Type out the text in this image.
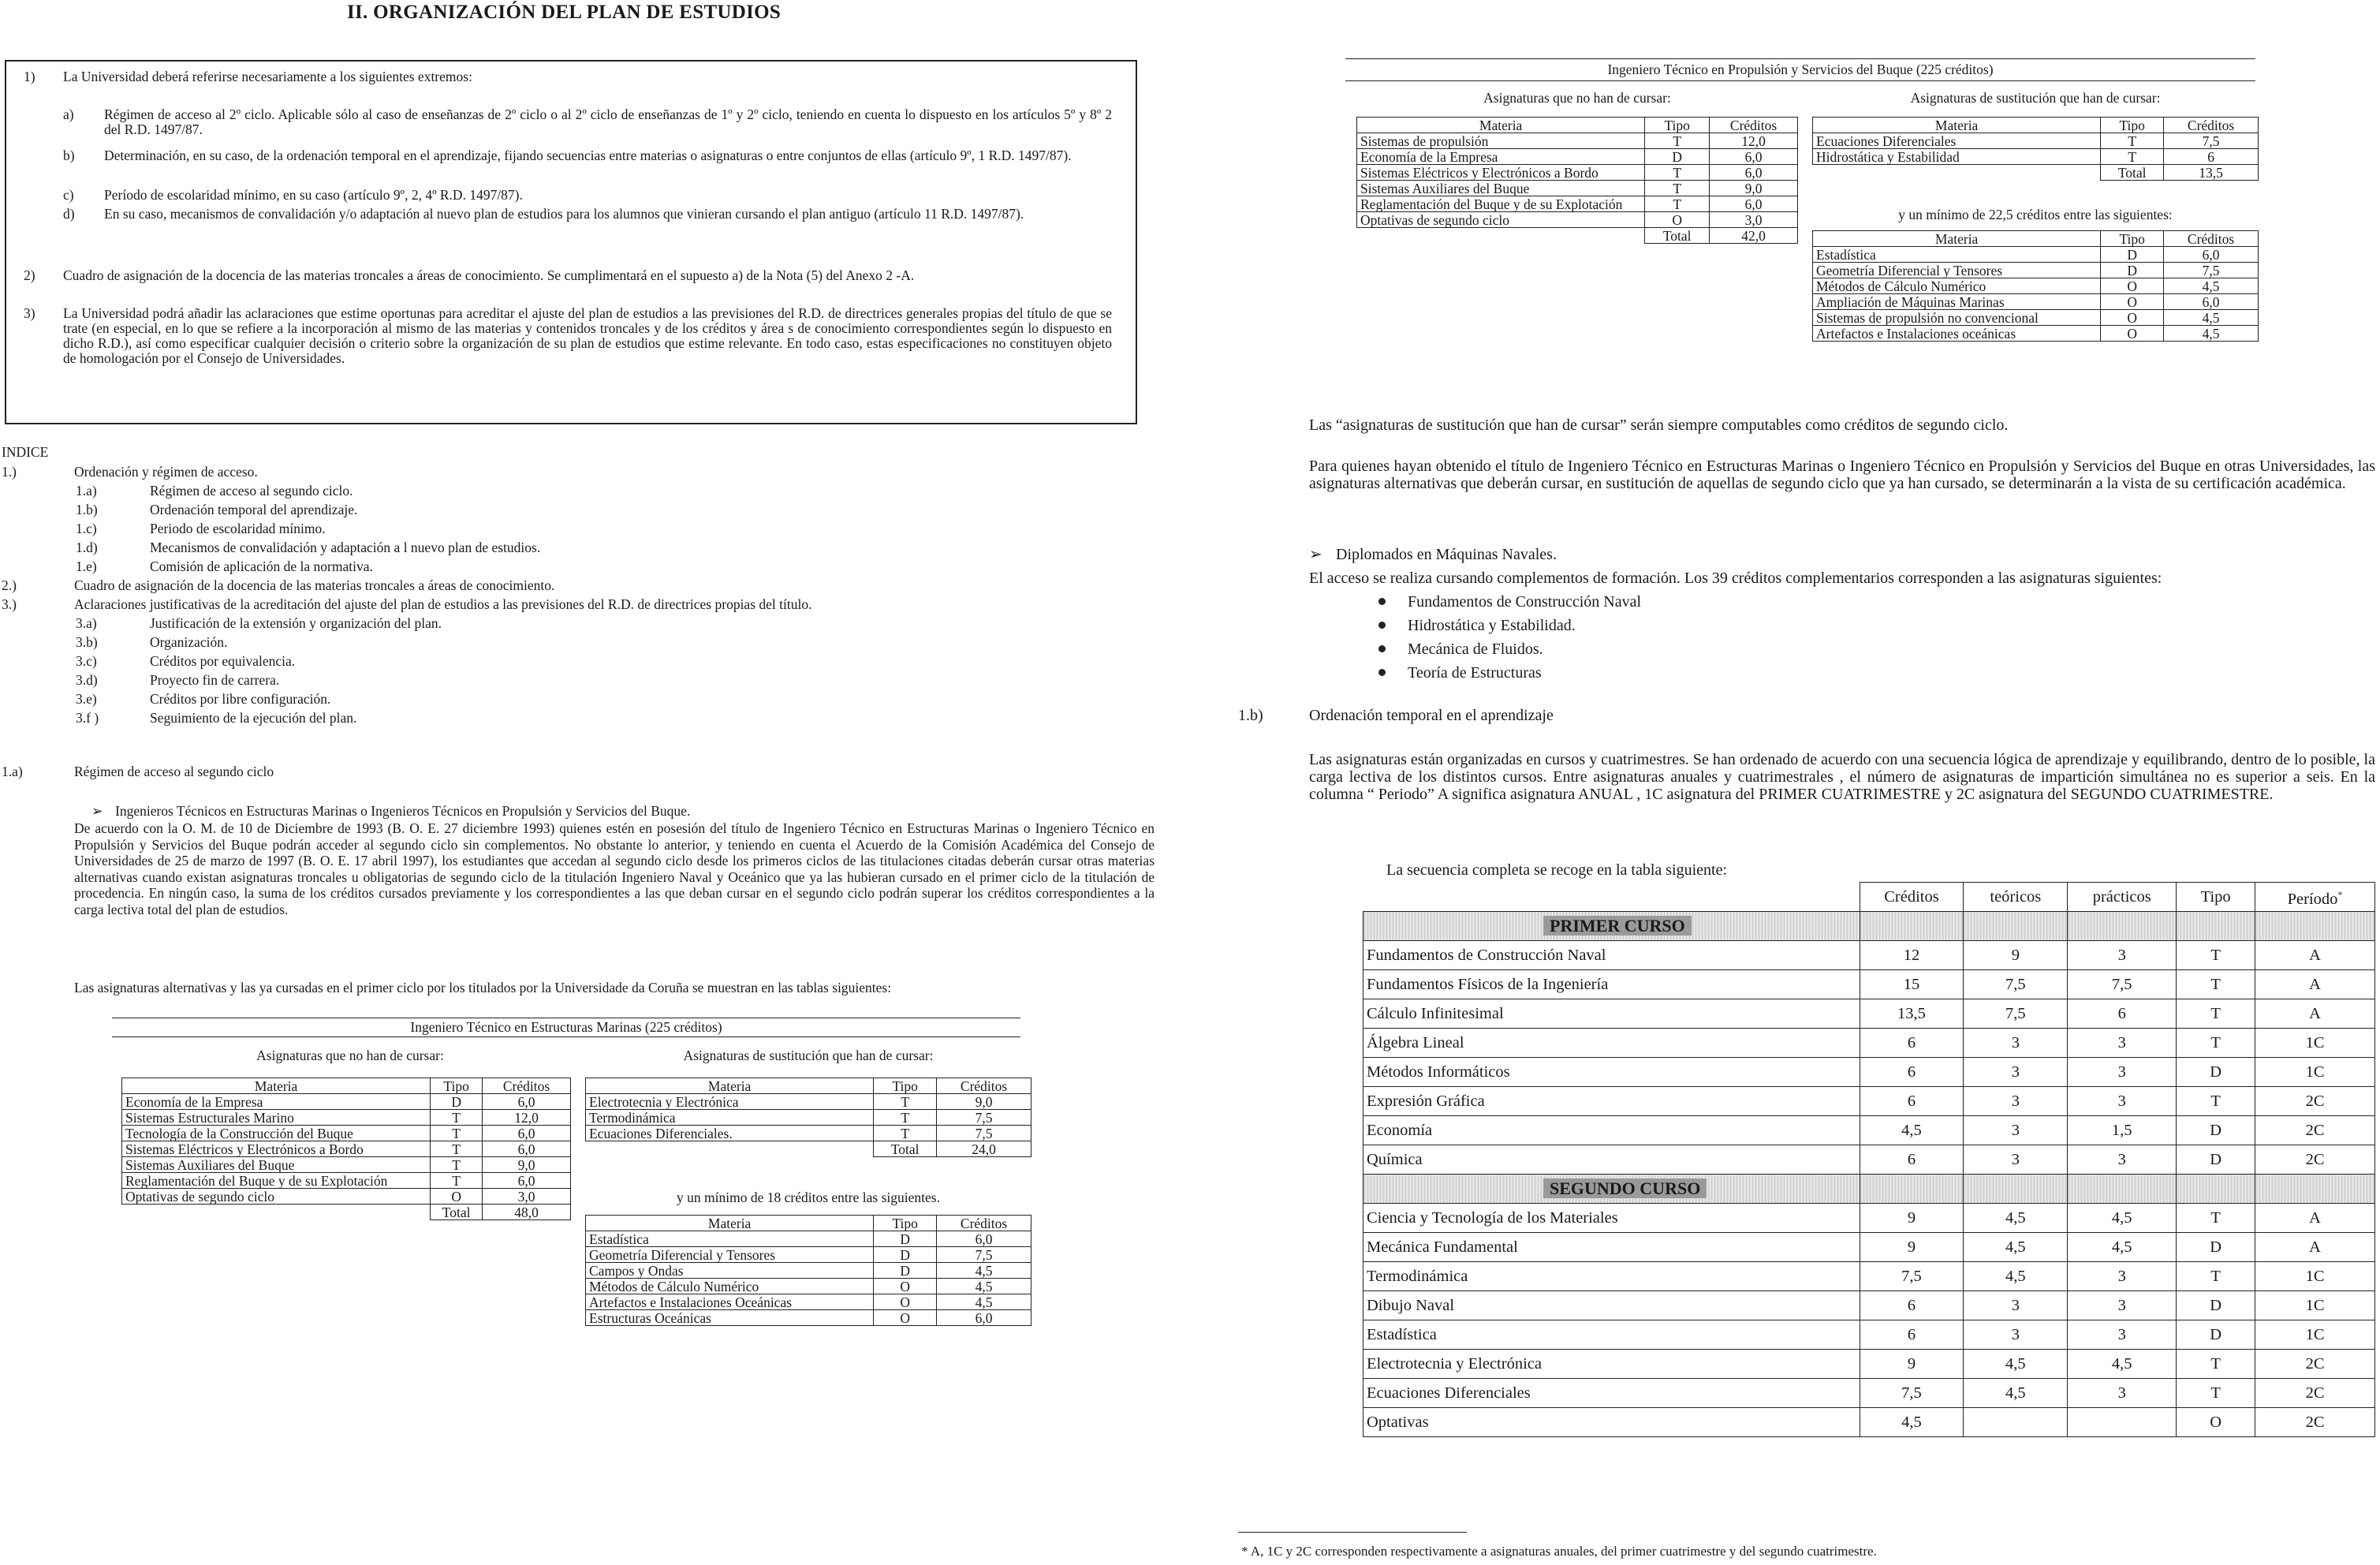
II. ORGANIZACIÓN DEL PLAN DE ESTUDIOS
1) La Universidad deberá referirse necesariamente a los siguientes extremos:
a) Régimen de acceso al 2º ciclo. Aplicable sólo al caso de enseñanzas de 2º ciclo o al 2º ciclo de enseñanzas de 1º y 2º ciclo, teniendo en cuenta lo dispuesto en los artículos 5º y 8º 2 del R.D. 1497/87.
b) Determinación, en su caso, de la ordenación temporal en el aprendizaje, fijando secuencias entre materias o asignaturas o entre conjuntos de ellas (artículo 9º, 1 R.D. 1497/87).
c) Período de escolaridad mínimo, en su caso (artículo 9º, 2, 4º R.D. 1497/87).
d) En su caso, mecanismos de convalidación y/o adaptación al nuevo plan de estudios para los alumnos que vinieran cursando el plan antiguo (artículo 11 R.D. 1497/87).
2) Cuadro de asignación de la docencia de las materias troncales a áreas de conocimiento. Se cumplimentará en el supuesto a) de la Nota (5) del Anexo 2 -A.
3) La Universidad podrá añadir las aclaraciones que estime oportunas para acreditar el ajuste del plan de estudios a las previsiones del R.D. de directrices generales propias del título de que se trate (en especial, en lo que se refiere a la incorporación al mismo de las materias y contenidos troncales y de los créditos y área s de conocimiento correspondientes según lo dispuesto en dicho R.D.), así como especificar cualquier decisión o criterio sobre la organización de su plan de estudios que estime relevante. En todo caso, estas especificaciones no constituyen objeto de homologación por el Consejo de Universidades.
INDICE
1.)	Ordenación y régimen de acceso.
1.a)	Régimen de acceso al segundo ciclo.
1.b)	Ordenación temporal del aprendizaje.
1.c)	Periodo de escolaridad mínimo.
1.d)	Mecanismos de convalidación y adaptación a l nuevo plan de estudios.
1.e)	Comisión de aplicación de la normativa.
2.)	Cuadro de asignación de la docencia de las materias troncales a áreas de conocimiento.
3.)	Aclaraciones justificativas de la acreditación del ajuste del plan de estudios a las previsiones del R.D. de directrices propias del título.
3.a)	Justificación de la extensión y organización del plan.
3.b)	Organización.
3.c)	Créditos por equivalencia.
3.d)	Proyecto fin de carrera.
3.e)	Créditos por libre configuración.
3.f )	Seguimiento de la ejecución del plan.
1.a)	Régimen de acceso al segundo ciclo
➢ Ingenieros Técnicos en Estructuras Marinas o Ingenieros Técnicos en Propulsión y Servicios del Buque.
De acuerdo con la O. M. de 10 de Diciembre de 1993 (B. O. E. 27 diciembre 1993) quienes estén en posesión del título de Ingeniero Técnico en Estructuras Marinas o Ingeniero Técnico en Propulsión y Servicios del Buque podrán acceder al segundo ciclo sin complementos. No obstante lo anterior, y teniendo en cuenta el Acuerdo de la Comisión Académica del Consejo de Universidades de 25 de marzo de 1997 (B. O. E. 17 abril 1997), los estudiantes que accedan al segundo ciclo desde los primeros ciclos de las titulaciones citadas deberán cursar otras materias alternativas cuando existan asignaturas troncales u obligatorias de segundo ciclo de la titulación Ingeniero Naval y Oceánico que ya las hubieran cursado en el primer ciclo de la titulación de procedencia. En ningún caso, la suma de los créditos cursados previamente y los correspondientes a las que deban cursar en el segundo ciclo podrán superar los créditos correspondientes a la carga lectiva total del plan de estudios.
Las asignaturas alternativas y las ya cursadas en el primer ciclo por los titulados por la Universidade da Coruña se muestran en las tablas siguientes:
Ingeniero Técnico en Estructuras Marinas (225 créditos)
Asignaturas que no han de cursar:	Asignaturas de sustitución que han de cursar:
Materia	Tipo	Créditos
Economía de la Empresa	D	6,0
Sistemas Estructurales Marino	T	12,0
Tecnología de la Construcción del Buque	T	6,0
Sistemas Eléctricos y Electrónicos a Bordo	T	6,0
Sistemas Auxiliares del Buque	T	9,0
Reglamentación del Buque y de su Explotación	T	6,0
Optativas de segundo ciclo	O	3,0
	Total	48,0
Materia	Tipo	Créditos
Electrotecnia y Electrónica	T	9,0
Termodinámica	T	7,5
Ecuaciones Diferenciales.	T	7,5
	Total	24,0
y un mínimo de 18 créditos entre las siguientes.
Materia	Tipo	Créditos
Estadística	D	6,0
Geometría Diferencial y Tensores	D	7,5
Campos y Ondas	D	4,5
Métodos de Cálculo Numérico	O	4,5
Artefactos e Instalaciones Oceánicas	O	4,5
Estructuras Oceánicas	O	6,0
Ingeniero Técnico en Propulsión y Servicios del Buque (225 créditos)
Asignaturas que no han de cursar:	Asignaturas de sustitución que han de cursar:
Materia	Tipo	Créditos
Sistemas de propulsión	T	12,0
Economía de la Empresa	D	6,0
Sistemas Eléctricos y Electrónicos a Bordo	T	6,0
Sistemas Auxiliares del Buque	T	9,0
Reglamentación del Buque y de su Explotación	T	6,0
Optativas de segundo ciclo	O	3,0
	Total	42,0
Materia	Tipo	Créditos
Ecuaciones Diferenciales	T	7,5
Hidrostática y Estabilidad	T	6
	Total	13,5
y un mínimo de 22,5 créditos entre las siguientes:
Materia	Tipo	Créditos
Estadística	D	6,0
Geometría Diferencial y Tensores	D	7,5
Métodos de Cálculo Numérico	O	4,5
Ampliación de Máquinas Marinas	O	6,0
Sistemas de propulsión no convencional	O	4,5
Artefactos e Instalaciones oceánicas	O	4,5
Las “asignaturas de sustitución que han de cursar” serán siempre computables como créditos de segundo ciclo.
Para quienes hayan obtenido el título de Ingeniero Técnico en Estructuras Marinas o Ingeniero Técnico en Propulsión y Servicios del Buque en otras Universidades, las asignaturas alternativas que deberán cursar, en sustitución de aquellas de segundo ciclo que ya han cursado, se determinarán a la vista de su certificación académica.
➢ Diplomados en Máquinas Navales.
El acceso se realiza cursando complementos de formación. Los 39 créditos complementarios corresponden a las asignaturas siguientes:
Fundamentos de Construcción Naval
Hidrostática y Estabilidad.
Mecánica de Fluidos.
Teoría de Estructuras
1.b)	Ordenación temporal en el aprendizaje
Las asignaturas están organizadas en cursos y cuatrimestres. Se han ordenado de acuerdo con una secuencia lógica de aprendizaje y equilibrando, dentro de lo posible, la carga lectiva de los distintos cursos. Entre asignaturas anuales y cuatrimestrales , el número de asignaturas de impartición simultánea no es superior a seis. En la columna “ Periodo” A significa asignatura ANUAL , 1C asignatura del PRIMER CUATRIMESTRE y 2C asignatura del SEGUNDO CUATRIMESTRE.
La secuencia completa se recoge en la tabla siguiente:
	Créditos	teóricos	prácticos	Tipo	Período*
PRIMER CURSO					
Fundamentos de Construcción Naval	12	9	3	T	A
Fundamentos Físicos de la Ingeniería	15	7,5	7,5	T	A
Cálculo Infinitesimal	13,5	7,5	6	T	A
Álgebra Lineal	6	3	3	T	1C
Métodos Informáticos	6	3	3	D	1C
Expresión Gráfica	6	3	3	T	2C
Economía	4,5	3	1,5	D	2C
Química	6	3	3	D	2C
SEGUNDO CURSO					
Ciencia y Tecnología de los Materiales	9	4,5	4,5	T	A
Mecánica Fundamental	9	4,5	4,5	D	A
Termodinámica	7,5	4,5	3	T	1C
Dibujo Naval	6	3	3	D	1C
Estadística	6	3	3	D	1C
Electrotecnia y Electrónica	9	4,5	4,5	T	2C
Ecuaciones Diferenciales	7,5	4,5	3	T	2C
Optativas	4,5			O	2C
* A, 1C y 2C corresponden respectivamente a asignaturas anuales, del primer cuatrimestre y del segundo cuatrimestre.
